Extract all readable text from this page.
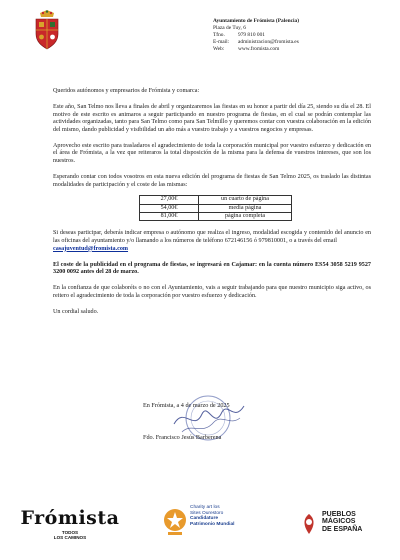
Ayuntamiento de Frómista (Palencia)
Plaza de Tuy, 6
Tfno. 979 810 001
E-mail: administracion@fromista.es
Web:	www.fromista.com

Queridos autónomos y empresarios de Frómista y comarca:

Este año, San Telmo nos lleva a finales de abril y organizaremos las fiestas en su honor a partir del día 25, siendo su día el 28. El motivo de este escrito es animaros a seguir participando en nuestro programa de fiestas, en el cual se podrán contemplar las actividades organizadas, tanto para San Telmo como para San Telmillo y queremos contar con vuestra colaboración en la edición del mismo, dando publicidad y visibilidad un año más a vuestro trabajo y a vuestros negocios y empresas.

Aprovecho este escrito para trasladaros el agradecimiento de toda la corporación municipal por vuestro esfuerzo y dedicación en el área de Frómista, a la vez que reiteraros la total disposición de la misma para la defensa de vuestros intereses, que son los nuestros.

Esperando contar con todos vosotros en esta nueva edición del programa de fiestas de San Telmo 2025, os traslado las distintas modalidades de participación y el coste de las mismas:

27,00€	un cuarto de página
54,00€	media página
81,00€	página completa

Si deseas participar, deberás indicar empresa o autónomo que realiza el ingreso, modalidad escogida y contenido del anuncio en las oficinas del ayuntamiento y/o llamando a los números de teléfono 672146156 ó 979810001, o a través del email
casajuventud@fromista.com

El coste de la publicidad en el programa de fiestas, se ingresará en Cajamar: en la cuenta número ES54 3058 5219 9527 3200 0092 antes del 28 de marzo.

En la confianza de que colaboréis o no con el Ayuntamiento, vais a seguir trabajando para que nuestro municipio siga activo, os reitero el agradecimiento de toda la corporación por vuestro esfuerzo y dedicación.

Un cordial saludo.

En Frómista, a 4 de marzo de 2025
Fdo. Francisco Jesús Barberena
Frómista
TODOS
LOS CAMINOS
Charity art los
Sites Ourestoro
Candidature
Patrimonio Mundial
PUEBLOS
MÁGICOS
DE ESPAÑA
